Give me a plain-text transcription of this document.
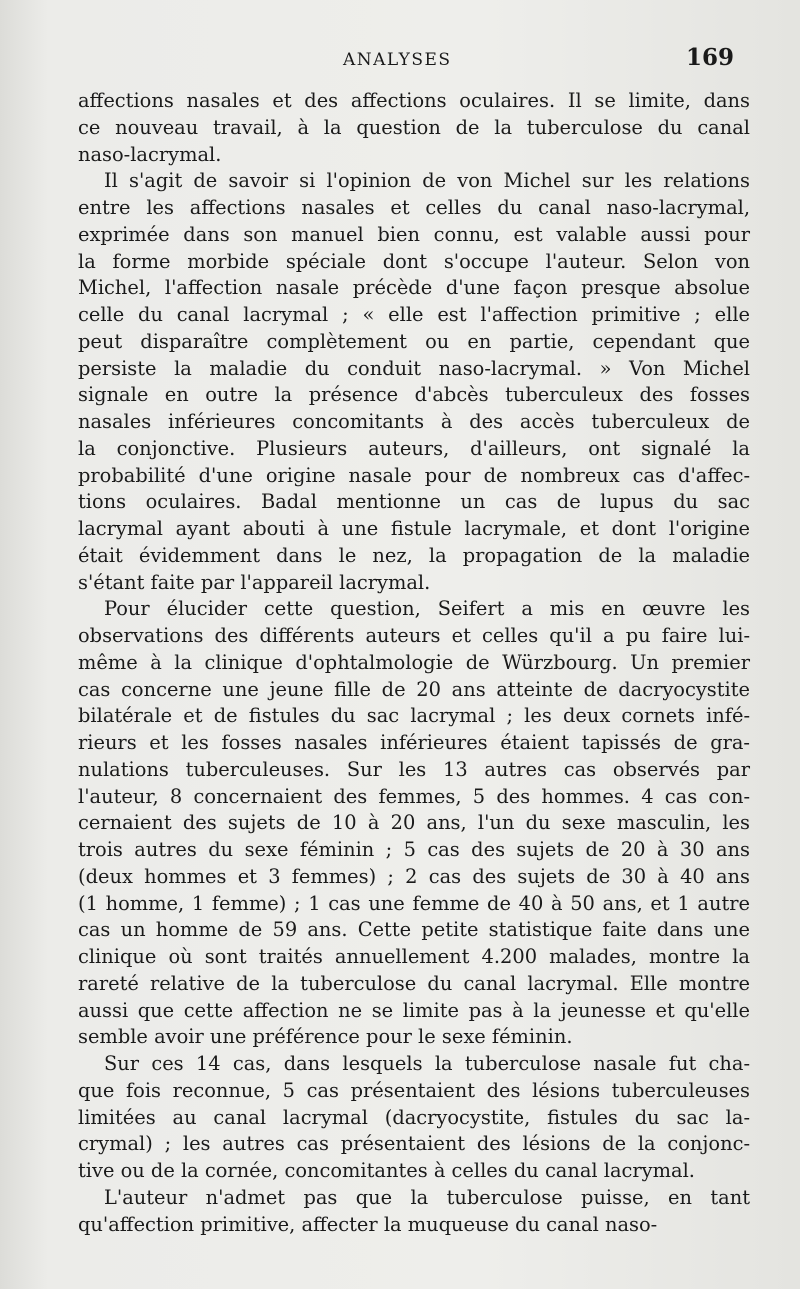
ANALYSES	169

affections nasales et des affections oculaires. Il se limite, dans
ce nouveau travail, à la question de la tuberculose du canal
naso-lacrymal.

Il s'agit de savoir si l'opinion de von Michel sur les relations
entre les affections nasales et celles du canal naso-lacrymal,
exprimée dans son manuel bien connu, est valable aussi pour
la forme morbide spéciale dont s'occupe l'auteur. Selon von
Michel, l'affection nasale précède d'une façon presque absolue
celle du canal lacrymal ; « elle est l'affection primitive ; elle
peut disparaître complètement ou en partie, cependant que
persiste la maladie du conduit naso-lacrymal. » Von Michel
signale en outre la présence d'abcès tuberculeux des fosses
nasales inférieures concomitants à des accès tuberculeux de
la conjonctive. Plusieurs auteurs, d'ailleurs, ont signalé la
probabilité d'une origine nasale pour de nombreux cas d'affec-
tions oculaires. Badal mentionne un cas de lupus du sac
lacrymal ayant abouti à une fistule lacrymale, et dont l'origine
était évidemment dans le nez, la propagation de la maladie
s'étant faite par l'appareil lacrymal.

Pour élucider cette question, Seifert a mis en œuvre les
observations des différents auteurs et celles qu'il a pu faire lui-
même à la clinique d'ophtalmologie de Würzbourg. Un premier
cas concerne une jeune fille de 20 ans atteinte de dacryocystite
bilatérale et de fistules du sac lacrymal ; les deux cornets infé-
rieurs et les fosses nasales inférieures étaient tapissés de gra-
nulations tuberculeuses. Sur les 13 autres cas observés par
l'auteur, 8 concernaient des femmes, 5 des hommes. 4 cas con-
cernaient des sujets de 10 à 20 ans, l'un du sexe masculin, les
trois autres du sexe féminin ; 5 cas des sujets de 20 à 30 ans
(deux hommes et 3 femmes) ; 2 cas des sujets de 30 à 40 ans
(1 homme, 1 femme) ; 1 cas une femme de 40 à 50 ans, et 1 autre
cas un homme de 59 ans. Cette petite statistique faite dans une
clinique où sont traités annuellement 4.200 malades, montre la
rareté relative de la tuberculose du canal lacrymal. Elle montre
aussi que cette affection ne se limite pas à la jeunesse et qu'elle
semble avoir une préférence pour le sexe féminin.

Sur ces 14 cas, dans lesquels la tuberculose nasale fut cha-
que fois reconnue, 5 cas présentaient des lésions tuberculeuses
limitées au canal lacrymal (dacryocystite, fistules du sac la-
crymal) ; les autres cas présentaient des lésions de la conjonc-
tive ou de la cornée, concomitantes à celles du canal lacrymal.

L'auteur n'admet pas que la tuberculose puisse, en tant
qu'affection primitive, affecter la muqueuse du canal naso-
